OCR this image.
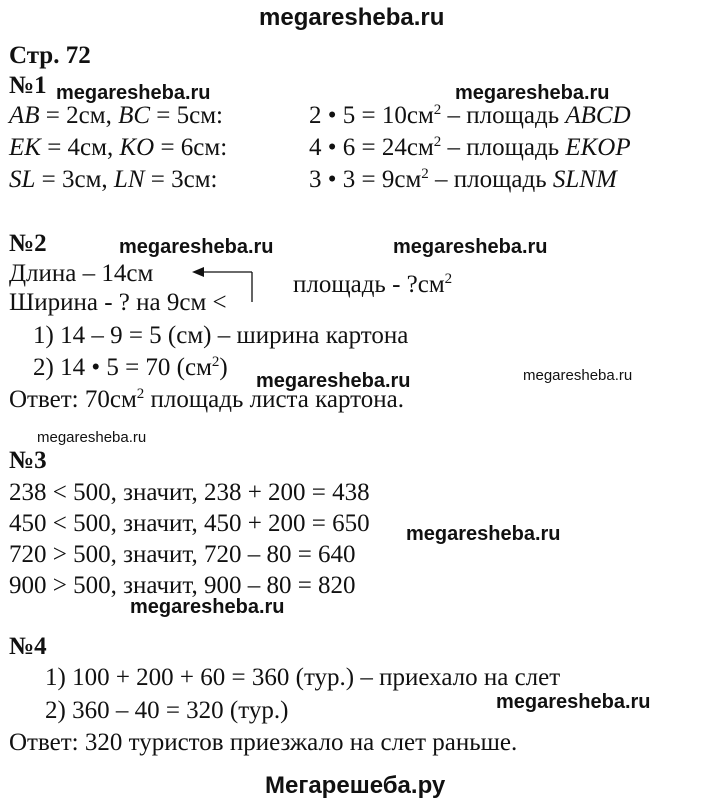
megaresheba.ru
Мегарешеба.ру
Стр. 72
megaresheba.ru	megaresheba.ru
megaresheba.ru	megaresheba.ru
megaresheba.ru	megaresheba.ru
megaresheba.ru
megaresheba.ru
megaresheba.ru
megaresheba.ru
№1
AB = 2см, BC = 5см:	2 • $5 = 10см^2$ – площадь ABCD
EK = 4см, KO = 6см:	4 • $6 = 24см^2$ – площадь EKOP
SL = 3см, LN = 3см:	3 • $3 = 9см^2$ – площадь SLNM
№2
Длина – 14см
Ширина - ? на 9см <
площадь - $?см^2$
1) 14 – 9 = 5 (см) – ширина картона
2) 14 • 5 = 70 $(см^2)$
Ответ: $70см^2$ площадь листа картона.
№3
238 < 500, значит, 238 + 200 = 438
450 < 500, значит, 450 + 200 = 650
720 > 500, значит, 720 – 80 = 640
900 > 500, значит, 900 – 80 = 820
№4
1) 100 + 200 + 60 = 360 (тур.) – приехало на слет
2) 360 – 40 = 320 (тур.)
Ответ: 320 туристов приезжало на слет раньше.
